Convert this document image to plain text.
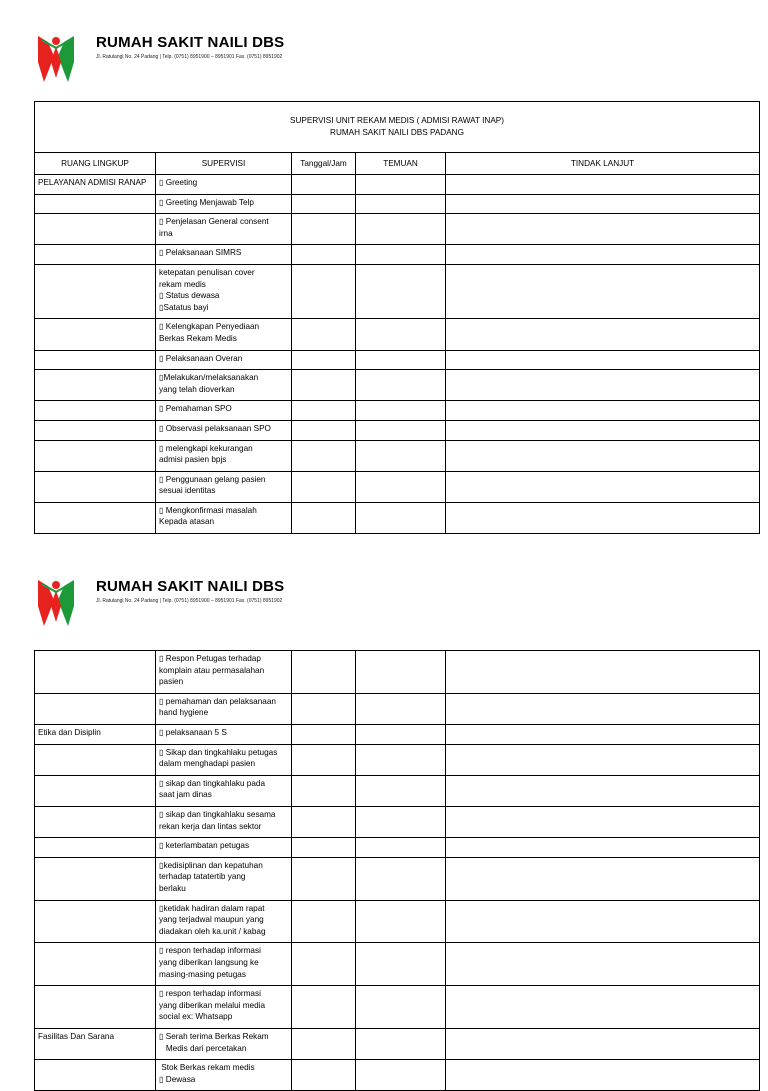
RUMAH SAKIT NAILI DBS
Jl. Ratulangi No. 24 Padang | Telp. (0751) 8951900 – 8951901 Fax. (0751) 8951902
SUPERVISI UNIT REKAM MEDIS ( ADMISI RAWAT INAP)
RUMAH SAKIT NAILI DBS PADANG				

RUANG LINGKUP	SUPERVISI	Tanggal/Jam	TEMUAN	TINDAK LANJUT
PELAYANAN ADMISI RANAP	▯ Greeting			

	▯ Greeting Menjawab Telp			

	▯ Penjelasan General consent
irna			

	▯ Pelaksanaan SIMRS			

	ketepatan penulisan cover
rekam medis
▯ Status dewasa
▯Satatus bayi			

	▯ Kelengkapan Penyediaan
Berkas Rekam Medis			

	▯ Pelaksanaan Overan			

	▯Melakukan/melaksanakan
yang telah dioverkan			

	▯ Pemahaman SPO			

	▯ Observasi pelaksanaan SPO			

	▯ melengkapi kekurangan
admisi pasien bpjs			

	▯ Penggunaan gelang pasien
sesuai identitas			

	▯ Mengkonfirmasi masalah
Kepada atasan			

RUMAH SAKIT NAILI DBS
Jl. Ratulangi No. 24 Padang | Telp. (0751) 8951900 – 8951901 Fax. (0751) 8951902

	▯ Respon Petugas terhadap
komplain atau permasalahan
pasien			

	▯ pemahaman dan pelaksanaan
hand hygiene			

Etika dan Disiplin	▯ pelaksanaan 5 S			

	▯ Sikap dan tingkahlaku petugas
dalam menghadapi pasien			

	▯ sikap dan tingkahlaku pada
saat jam dinas			

	▯ sikap dan tingkahlaku sesama
rekan kerja dan lintas sektor			

	▯ keterlambatan petugas			

	▯kedisiplinan dan kepatuhan
terhadap tatatertib yang
berlaku			

	▯ketidak hadiran dalam rapat
yang terjadwal maupun yang
diadakan oleh ka.unit / kabag			

	▯ respon terhadap informasi
yang diberikan langsung ke
masing-masing petugas			

	▯ respon terhadap informasi
yang diberikan melalui media
social ex: Whatsapp			

Fasilitas Dan Sarana	▯ Serah terima Berkas Rekam
Medis dari percetakan			

	Stok Berkas rekam medis
▯ Dewasa			
